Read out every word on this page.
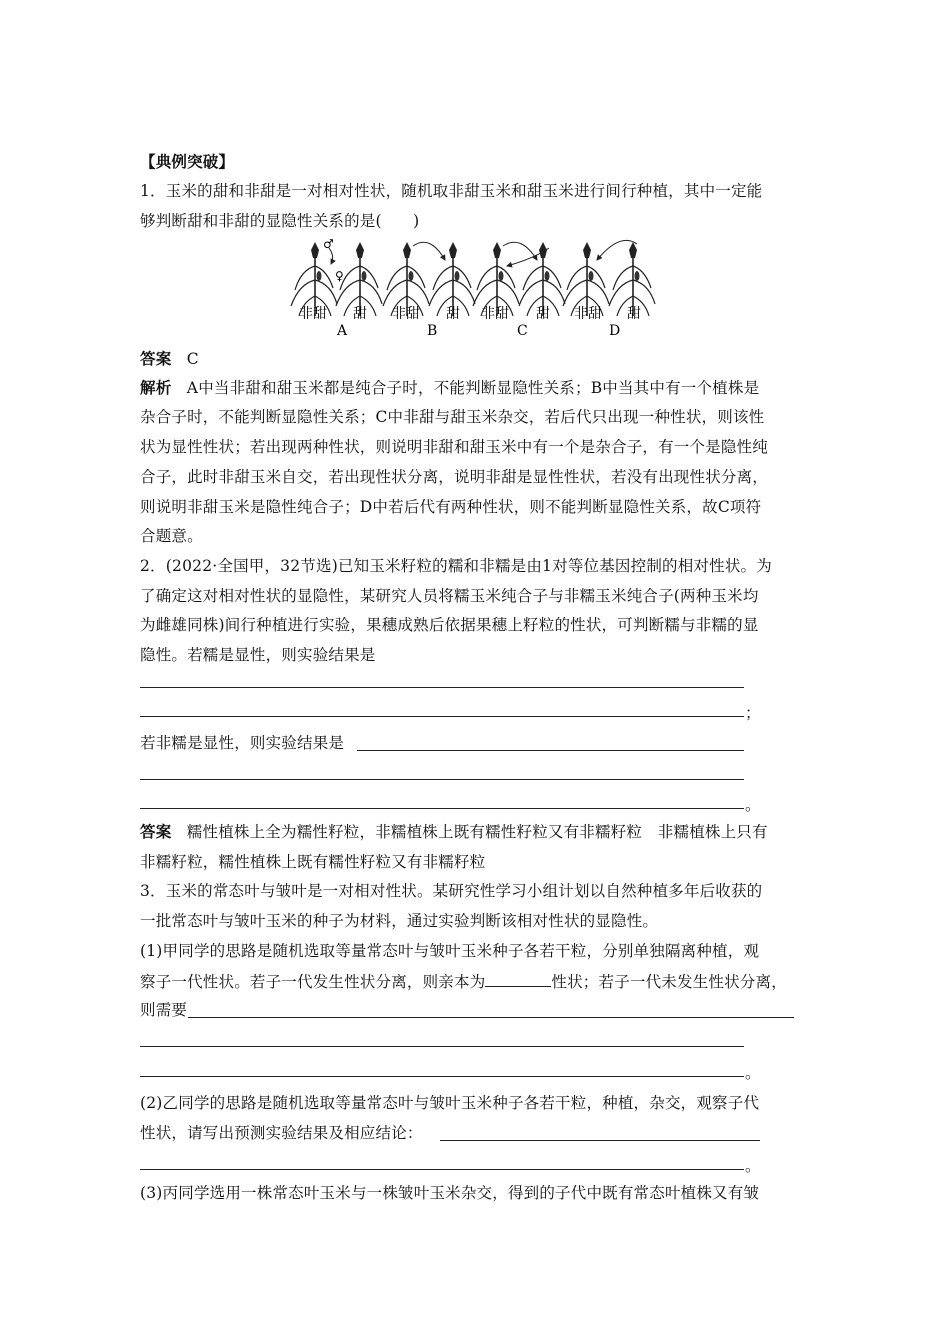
【典例突破】
1．玉米的甜和非甜是一对相对性状，随机取非甜玉米和甜玉米进行间行种植，其中一定能
够判断甜和非甜的显隐性关系的是(　　)
♂
♀
非甜 甜 非甜 甜 非甜 甜 非甜 甜
A	B	C	D
答案 C
解析 A中当非甜和甜玉米都是纯合子时，不能判断显隐性关系；B中当其中有一个植株是
杂合子时，不能判断显隐性关系；C中非甜与甜玉米杂交，若后代只出现一种性状，则该性
状为显性性状；若出现两种性状，则说明非甜和甜玉米中有一个是杂合子，有一个是隐性纯
合子，此时非甜玉米自交，若出现性状分离，说明非甜是显性性状，若没有出现性状分离，
则说明非甜玉米是隐性纯合子；D中若后代有两种性状，则不能判断显隐性关系，故C项符
合题意。
2．(2022·全国甲，32节选)已知玉米籽粒的糯和非糯是由1对等位基因控制的相对性状。为
了确定这对相对性状的显隐性，某研究人员将糯玉米纯合子与非糯玉米纯合子(两种玉米均
为雌雄同株)间行种植进行实验，果穗成熟后依据果穗上籽粒的性状，可判断糯与非糯的显
隐性。若糯是显性，则实验结果是
；
若非糯是显性，则实验结果是
。
答案 糯性植株上全为糯性籽粒，非糯植株上既有糯性籽粒又有非糯籽粒　非糯植株上只有
非糯籽粒，糯性植株上既有糯性籽粒又有非糯籽粒
3．玉米的常态叶与皱叶是一对相对性状。某研究性学习小组计划以自然种植多年后收获的
一批常态叶与皱叶玉米的种子为材料，通过实验判断该相对性状的显隐性。
(1)甲同学的思路是随机选取等量常态叶与皱叶玉米种子各若干粒，分别单独隔离种植，观
察子一代性状。若子一代发生性状分离，则亲本为	性状；若子一代未发生性状分离，
则需要
。
(2)乙同学的思路是随机选取等量常态叶与皱叶玉米种子各若干粒，种植，杂交，观察子代
性状，请写出预测实验结果及相应结论：
。
(3)丙同学选用一株常态叶玉米与一株皱叶玉米杂交，得到的子代中既有常态叶植株又有皱
